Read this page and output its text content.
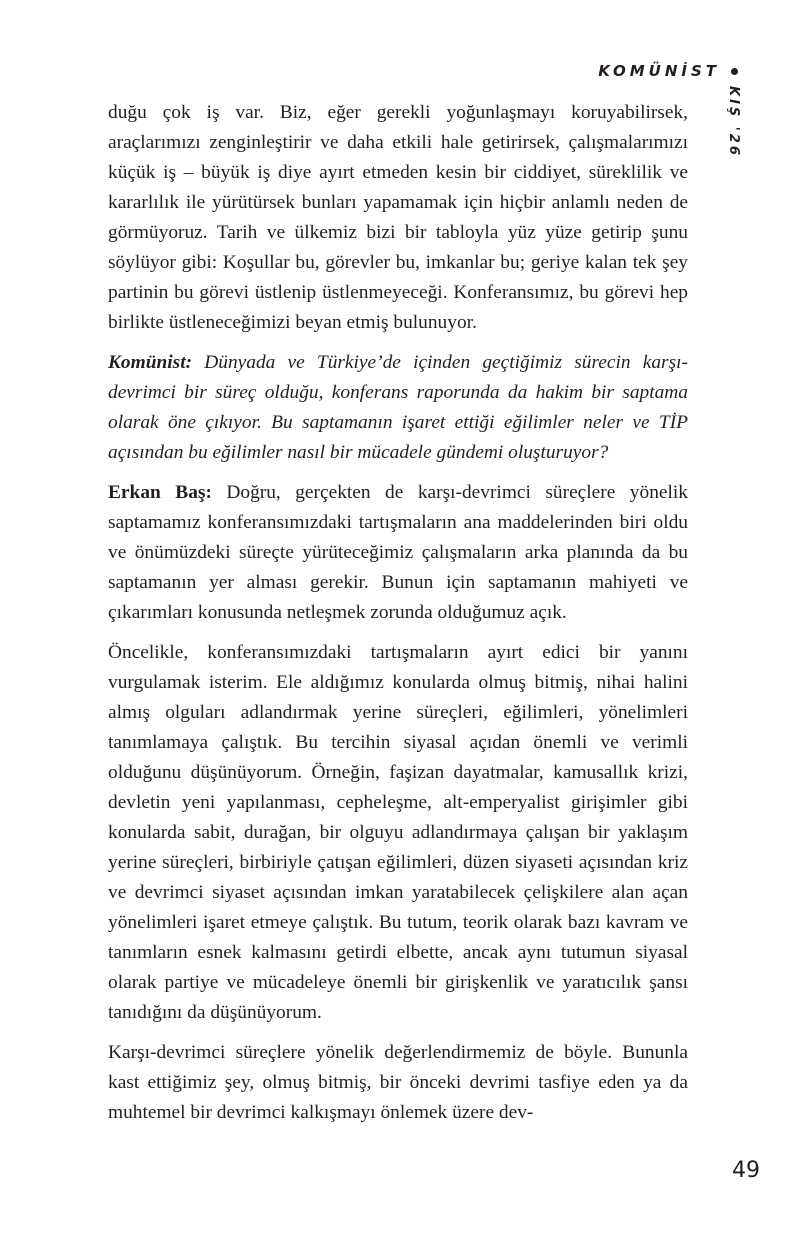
KOMÜNİST
KIŞ '26

duğu çok iş var. Biz, eğer gerekli yoğunlaşmayı koruyabilirsek, araçlarımızı zenginleştirir ve daha etkili hale getirirsek, çalışmalarımızı küçük iş – büyük iş diye ayırt etmeden kesin bir ciddiyet, süreklilik ve kararlılık ile yürütürsek bunları yapamamak için hiçbir anlamlı neden de görmüyoruz. Tarih ve ülkemiz bizi bir tabloyla yüz yüze getirip şunu söylüyor gibi: Koşullar bu, görevler bu, imkanlar bu; geriye kalan tek şey partinin bu görevi üstlenip üstlenmeyeceği. Konferansımız, bu görevi hep birlikte üstleneceğimizi beyan etmiş bulunuyor.

Komünist: Dünyada ve Türkiye’de içinden geçtiğimiz sürecin karşı-devrimci bir süreç olduğu, konferans raporunda da hakim bir saptama olarak öne çıkıyor. Bu saptamanın işaret ettiği eğilimler neler ve TİP açısından bu eğilimler nasıl bir mücadele gündemi oluşturuyor?

Erkan Baş: Doğru, gerçekten de karşı-devrimci süreçlere yönelik saptamamız konferansımızdaki tartışmaların ana maddelerinden biri oldu ve önümüzdeki süreçte yürüteceğimiz çalışmaların arka planında da bu saptamanın yer alması gerekir. Bunun için saptamanın mahiyeti ve çıkarımları konusunda netleşmek zorunda olduğumuz açık.

Öncelikle, konferansımızdaki tartışmaların ayırt edici bir yanını vurgulamak isterim. Ele aldığımız konularda olmuş bitmiş, nihai halini almış olguları adlandırmak yerine süreçleri, eğilimleri, yönelimleri tanımlamaya çalıştık. Bu tercihin siyasal açıdan önemli ve verimli olduğunu düşünüyorum. Örneğin, faşizan dayatmalar, kamusallık krizi, devletin yeni yapılanması, cepheleşme, alt-emperyalist girişimler gibi konularda sabit, durağan, bir olguyu adlandırmaya çalışan bir yaklaşım yerine süreçleri, birbiriyle çatışan eğilimleri, düzen siyaseti açısından kriz ve devrimci siyaset açısından imkan yaratabilecek çelişkilere alan açan yönelimleri işaret etmeye çalıştık. Bu tutum, teorik olarak bazı kavram ve tanımların esnek kalmasını getirdi elbette, ancak aynı tutumun siyasal olarak partiye ve mücadeleye önemli bir girişkenlik ve yaratıcılık şansı tanıdığını da düşünüyorum.

Karşı-devrimci süreçlere yönelik değerlendirmemiz de böyle. Bununla kast ettiğimiz şey, olmuş bitmiş, bir önceki devrimi tasfiye eden ya da muhtemel bir devrimci kalkışmayı önlemek üzere dev-

49
